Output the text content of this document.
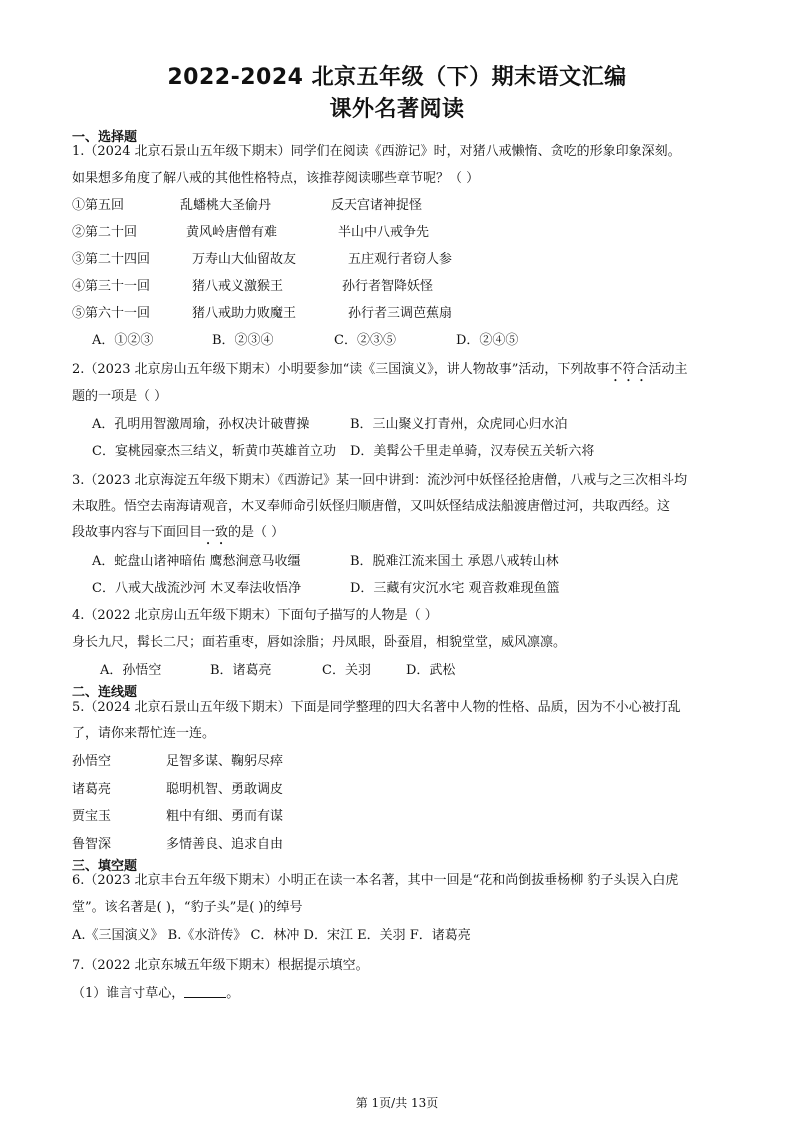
2022-2024 北京五年级（下）期末语文汇编
课外名著阅读
一、选择题
1.（2024 北京石景山五年级下期末）同学们在阅读《西游记》时，对猪八戒懒惰、贪吃的形象印象深刻。
如果想多角度了解八戒的其他性格特点，该推荐阅读哪些章节呢？（ ）
①第五回	乱蟠桃大圣偷丹	反天宫诸神捉怪
②第二十回	黄风岭唐僧有难	半山中八戒争先
③第二十四回	万寿山大仙留故友	五庄观行者窃人参
④第三十一回	猪八戒义激猴王	孙行者智降妖怪
⑤第六十一回	猪八戒助力败魔王	孙行者三调芭蕉扇
A．①②③	B．②③④	C．②③⑤	D．②④⑤
2.（2023 北京房山五年级下期末）小明要参加“读《三国演义》，讲人物故事”活动，下列故事不符合活动主
题的一项是（ ）
A．孔明用智激周瑜，孙权决计破曹操	B．三山聚义打青州，众虎同心归水泊
C．宴桃园豪杰三结义，斩黄巾英雄首立功 D．美髯公千里走单骑，汉寿侯五关斩六将
3.（2023 北京海淀五年级下期末）《西游记》某一回中讲到：流沙河中妖怪径抢唐僧，八戒与之三次相斗均
未取胜。悟空去南海请观音，木叉奉师命引妖怪归顺唐僧，又叫妖怪结成法船渡唐僧过河，共取西经。这
段故事内容与下面回目一致的是（ ）
A．蛇盘山诸神暗佑 鹰愁涧意马收缰	B．脱难江流来国土 承恩八戒转山林
C．八戒大战流沙河 木叉奉法收悟净	D．三藏有灾沉水宅 观音救难现鱼篮
4.（2022 北京房山五年级下期末）下面句子描写的人物是（ ）
身长九尺，髯长二尺；面若重枣，唇如涂脂；丹凤眼，卧蚕眉，相貌堂堂，威风凛凛。
A．孙悟空	B．诸葛亮	C．关羽	D．武松
二、连线题
5.（2024 北京石景山五年级下期末）下面是同学整理的四大名著中人物的性格、品质，因为不小心被打乱
了，请你来帮忙连一连。
孙悟空	足智多谋、鞠躬尽瘁
诸葛亮	聪明机智、勇敢调皮
贾宝玉	粗中有细、勇而有谋
鲁智深	多情善良、追求自由
三、填空题
6.（2023 北京丰台五年级下期末）小明正在读一本名著，其中一回是“花和尚倒拔垂杨柳 豹子头误入白虎
堂”。该名著是( )，“豹子头”是( )的绰号
A.《三国演义》 B.《水浒传》 C．林冲 D．宋江 E．关羽 F．诸葛亮
7.（2022 北京东城五年级下期末）根据提示填空。
（1）谁言寸草心，	。
第 1页/共 13页
